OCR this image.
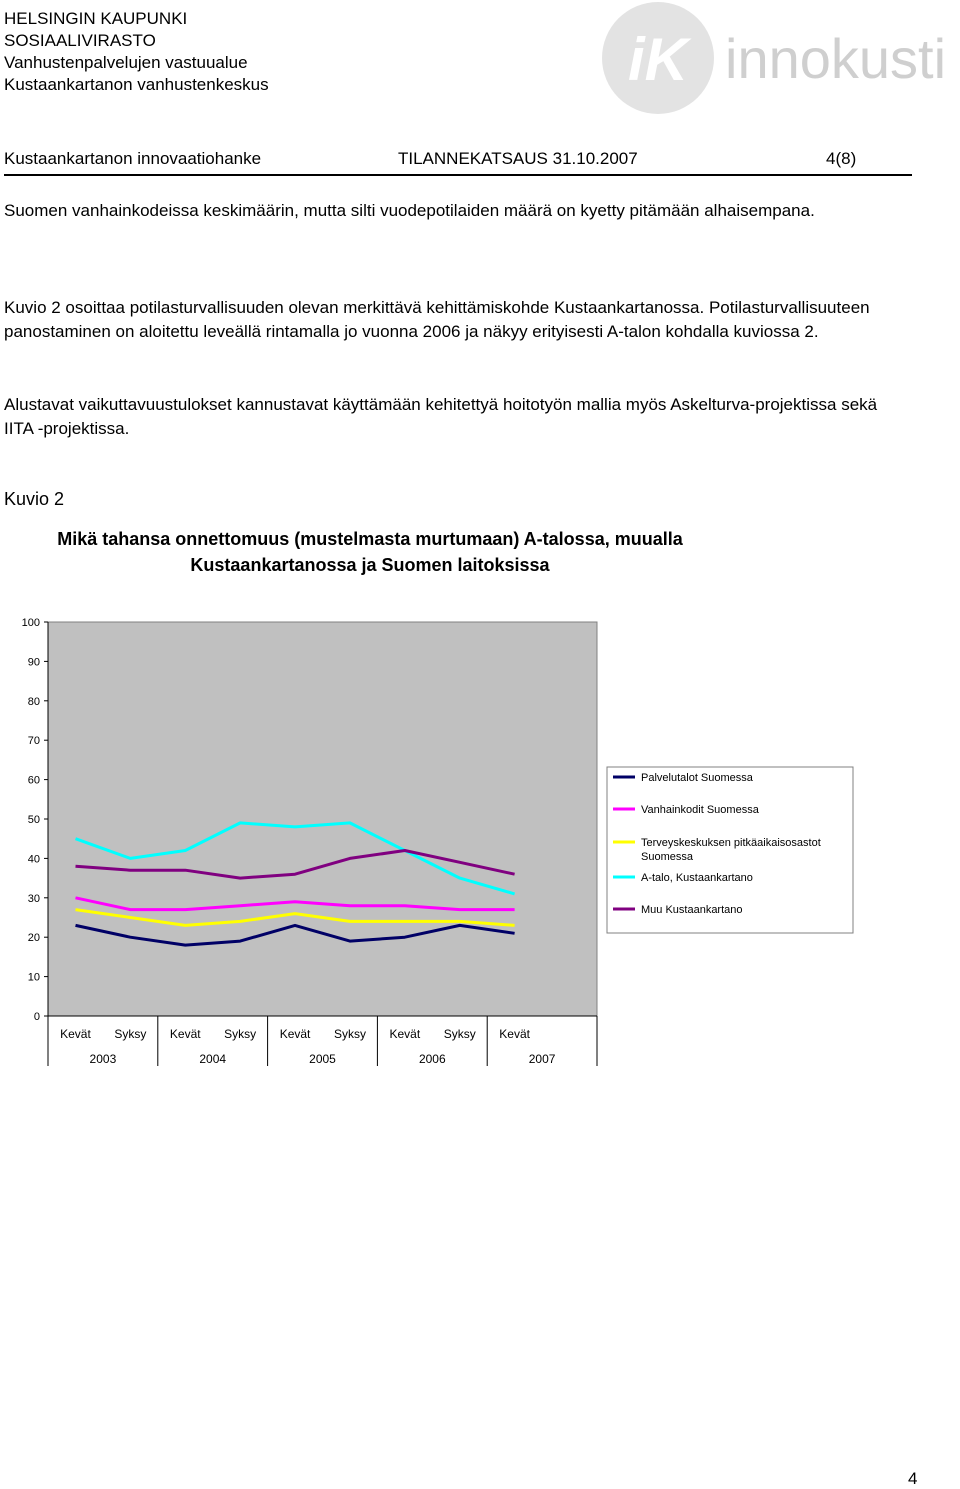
HELSINGIN KAUPUNKI
SOSIAALIVIRASTO
Vanhustenpalvelujen vastuualue
Kustaankartanon vanhustenkeskus	iK innokusti
Kustaankartanon innovaatiohanke	TILANNEKATSAUS 31.10.2007	4(8)

Suomen vanhainkodeissa keskimäärin, mutta silti vuodepotilaiden määrä on kyetty pitämään alhaisempana.

Kuvio 2 osoittaa potilasturvallisuuden olevan merkittävä kehittämiskohde Kustaankartanossa. Potilasturvallisuuteen panostaminen on aloitettu leveällä rintamalla jo vuonna 2006 ja näkyy erityisesti A-talon kohdalla kuviossa 2.

Alustavat vaikuttavuustulokset kannustavat käyttämään kehitettyä hoitotyön mallia myös Askelturva-projektissa sekä IITA -projektissa.

Kuvio 2
Mikä tahansa onnettomuus (mustelmasta murtumaan) A-talossa, muualla
Kustaankartanossa ja Suomen laitoksissa
100
90
80
70
60
50
40
30
20
10
0
Kevät Syksy Kevät Syksy Kevät Syksy Kevät Syksy Kevät
2003	2004	2005	2006	2007
Palvelutalot Suomessa
Vanhainkodit Suomessa
Terveyskeskuksen pitkäaikaisosastot
Suomessa
A-talo, Kustaankartano
Muu Kustaankartano
4
